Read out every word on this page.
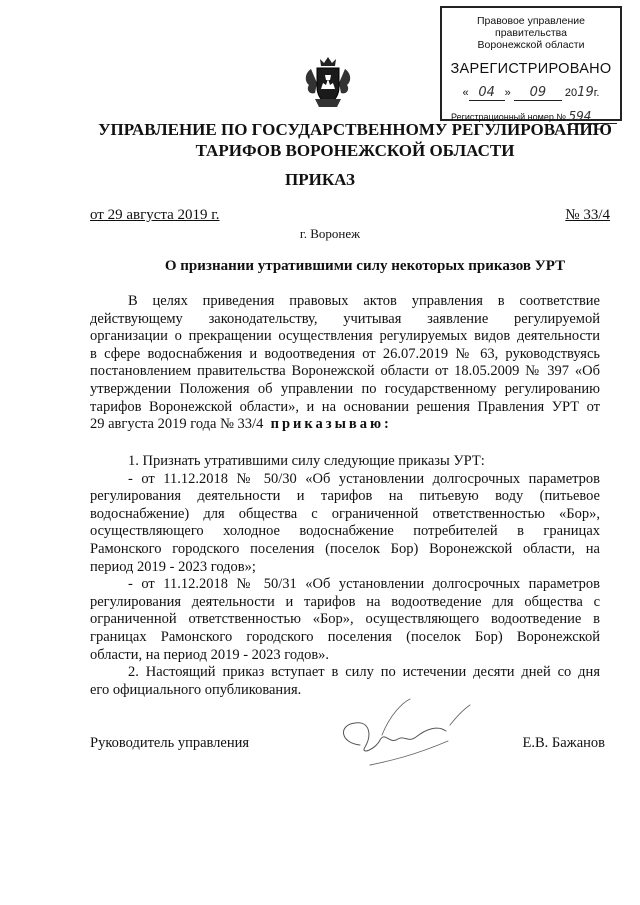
Правовое управление правительства
Воронежской области
ЗАРЕГИСТРИРОВАНО
« 04 » 09 2019г.
Регистрационный номер № 594
УПРАВЛЕНИЕ ПО ГОСУДАРСТВЕННОМУ РЕГУЛИРОВАНИЮ
ТАРИФОВ ВОРОНЕЖСКОЙ ОБЛАСТИ
ПРИКАЗ
от 29 августа 2019 г.	№ 33/4
г. Воронеж
О признании утратившими силу некоторых приказов УРТ
В целях приведения правовых актов управления в соответствие
действующему законодательству, учитывая заявление регулируемой
организации о прекращении осуществления регулируемых видов деятельности
в сфере водоснабжения и водоотведения от 26.07.2019 № 63, руководствуясь
постановлением правительства Воронежской области от 18.05.2009 № 397 «Об
утверждении Положения об управлении по государственному регулированию
тарифов Воронежской области», и на основании решения Правления УРТ от
29 августа 2019 года № 33/4 приказываю:
1. Признать утратившими силу следующие приказы УРТ:
- от 11.12.2018 № 50/30 «Об установлении долгосрочных параметров
регулирования деятельности и тарифов на питьевую воду (питьевое
водоснабжение) для общества с ограниченной ответственностью «Бор»,
осуществляющего холодное водоснабжение потребителей в границах
Рамонского городского поселения (поселок Бор) Воронежской области, на
период 2019 - 2023 годов»;
- от 11.12.2018 № 50/31 «Об установлении долгосрочных параметров
регулирования деятельности и тарифов на водоотведение для общества с
ограниченной ответственностью «Бор», осуществляющего водоотведение в
границах Рамонского городского поселения (поселок Бор) Воронежской
области, на период 2019 - 2023 годов».
2. Настоящий приказ вступает в силу по истечении десяти дней со дня
его официального опубликования.
Руководитель управления	Е.В. Бажанов
